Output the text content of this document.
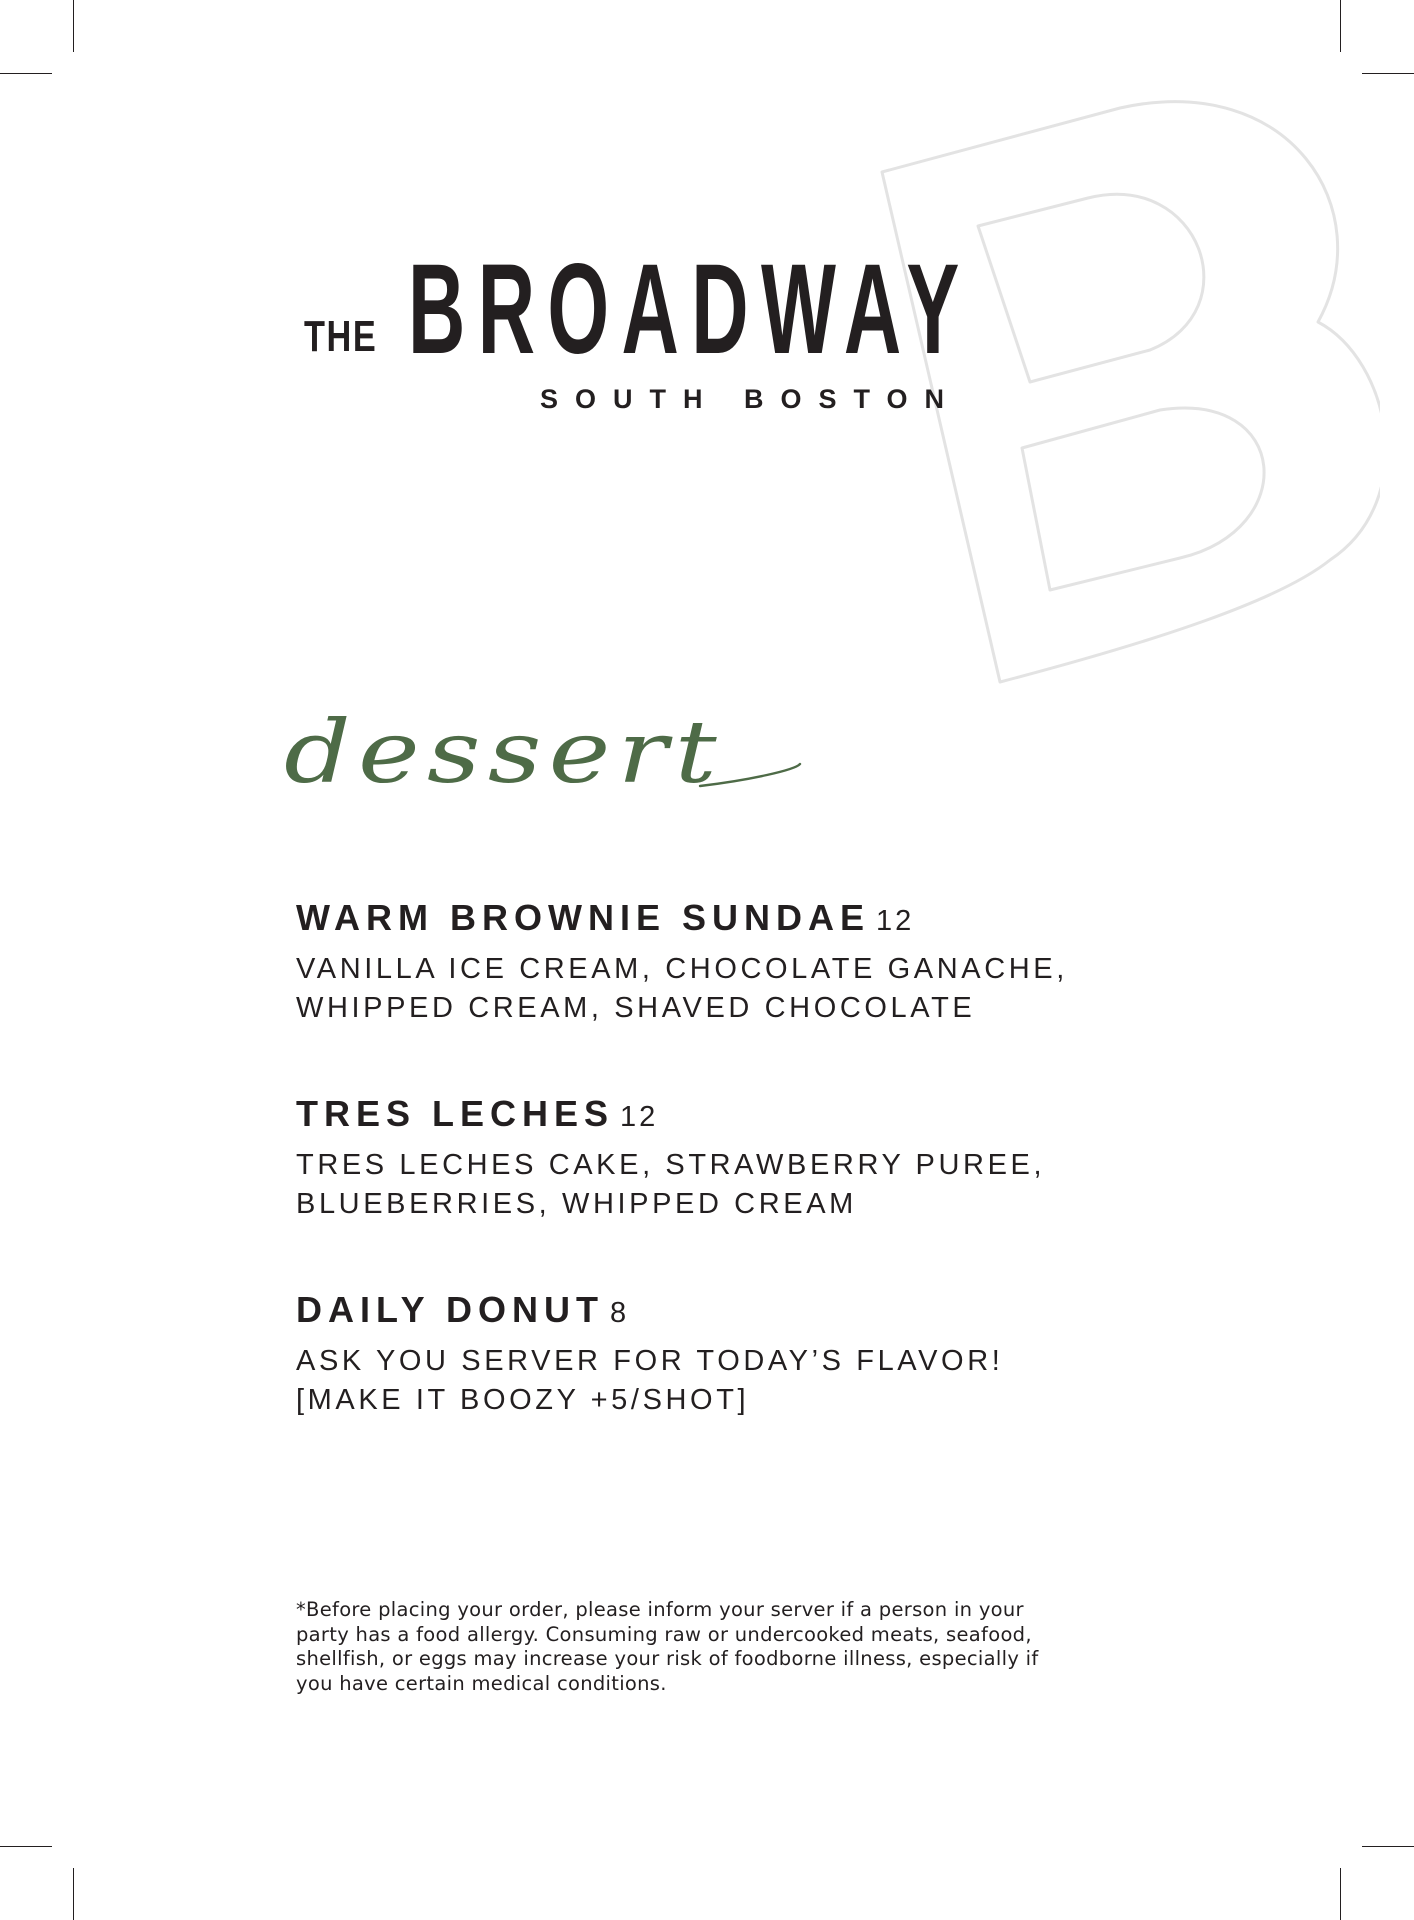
THE BROADWAY
SOUTH BOSTON
dessert
WARM BROWNIE SUNDAE 12
VANILLA ICE CREAM, CHOCOLATE GANACHE,
WHIPPED CREAM, SHAVED CHOCOLATE
TRES LECHES 12
TRES LECHES CAKE, STRAWBERRY PUREE,
BLUEBERRIES, WHIPPED CREAM
DAILY DONUT 8
ASK YOU SERVER FOR TODAY’S FLAVOR!
[MAKE IT BOOZY +5/SHOT]
*Before placing your order, please inform your server if a person in your
party has a food allergy. Consuming raw or undercooked meats, seafood,
shellfish, or eggs may increase your risk of foodborne illness, especially if
you have certain medical conditions.
